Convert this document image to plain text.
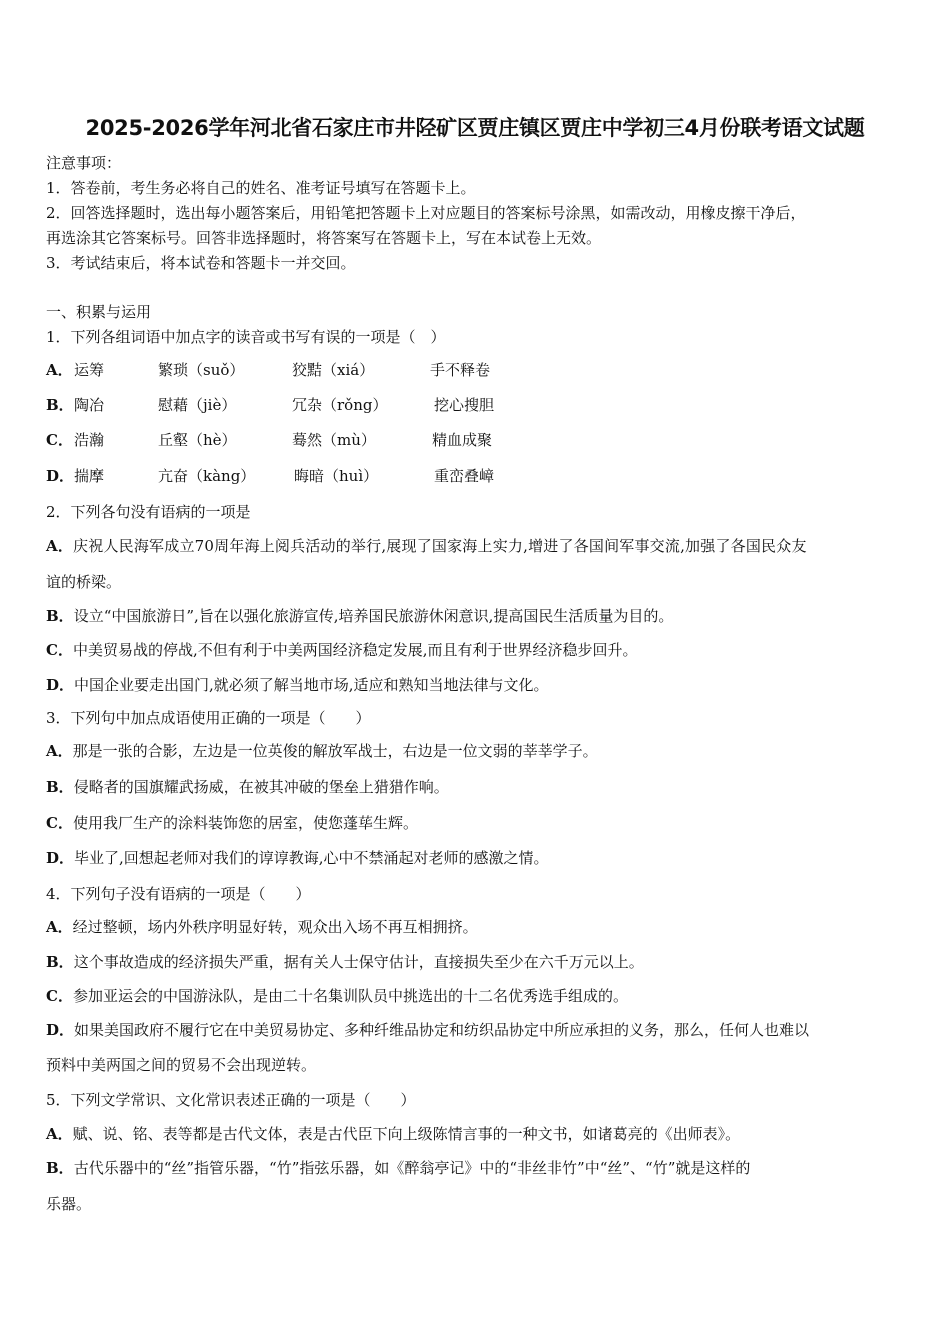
2025-2026学年河北省石家庄市井陉矿区贾庄镇区贾庄中学初三4月份联考语文试题
注意事项：
1．答卷前，考生务必将自己的姓名、准考证号填写在答题卡上。
2．回答选择题时，选出每小题答案后，用铅笔把答题卡上对应题目的答案标号涂黑，如需改动，用橡皮擦干净后，
再选涂其它答案标号。回答非选择题时，将答案写在答题卡上，写在本试卷上无效。
3．考试结束后，将本试卷和答题卡一并交回。
一、积累与运用
1．下列各组词语中加点字的读音或书写有误的一项是（　）
A． 运筹	繁琐（suǒ）	狡黠（xiá）	手不释卷
B． 陶冶	慰藉（jiè）	冗杂（rǒng）	挖心搜胆
C． 浩瀚	丘壑（hè）	蓦然（mù）	精血成聚
D． 揣摩	亢奋（kàng）	晦暗（huì）	重峦叠嶂
2．下列各句没有语病的一项是
A．庆祝人民海军成立70周年海上阅兵活动的举行,展现了国家海上实力,增进了各国间军事交流,加强了各国民众友
谊的桥梁。
B．设立“中国旅游日”,旨在以强化旅游宣传,培养国民旅游休闲意识,提高国民生活质量为目的。
C．中美贸易战的停战,不但有利于中美两国经济稳定发展,而且有利于世界经济稳步回升。
D．中国企业要走出国门,就必须了解当地市场,适应和熟知当地法律与文化。
3．下列句中加点成语使用正确的一项是（　　）
A．那是一张的合影，左边是一位英俊的解放军战士，右边是一位文弱的莘莘学子。
B．侵略者的国旗耀武扬威，在被其冲破的堡垒上猎猎作响。
C．使用我厂生产的涂料装饰您的居室，使您蓬荜生辉。
D．毕业了,回想起老师对我们的谆谆教诲,心中不禁涌起对老师的感激之情。
4．下列句子没有语病的一项是（　　）
A．经过整顿，场内外秩序明显好转，观众出入场不再互相拥挤。
B．这个事故造成的经济损失严重，据有关人士保守估计，直接损失至少在六千万元以上。
C．参加亚运会的中国游泳队，是由二十名集训队员中挑选出的十二名优秀选手组成的。
D．如果美国政府不履行它在中美贸易协定、多种纤维品协定和纺织品协定中所应承担的义务，那么，任何人也难以
预料中美两国之间的贸易不会出现逆转。
5．下列文学常识、文化常识表述正确的一项是（　　）
A．赋、说、铭、表等都是古代文体，表是古代臣下向上级陈情言事的一种文书，如诸葛亮的《出师表》。
B．古代乐器中的“丝”指管乐器，“竹”指弦乐器，如《醉翁亭记》中的“非丝非竹”中“丝”、“竹”就是这样的
乐器。
